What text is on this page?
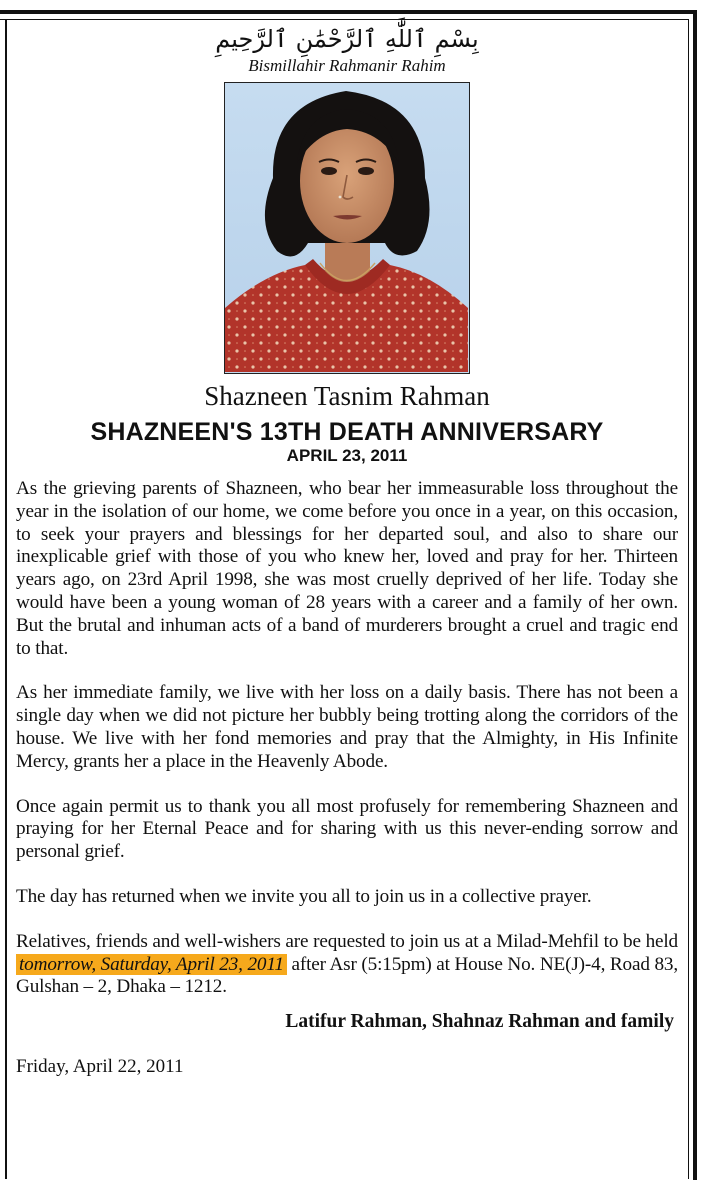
بِسْمِ ٱللَّٰهِ ٱلرَّحْمَٰنِ ٱلرَّحِيمِ
Bismillahir Rahmanir Rahim
Shazneen Tasnim Rahman
SHAZNEEN'S 13TH DEATH ANNIVERSARY
APRIL 23, 2011

As the grieving parents of Shazneen, who bear her immeasurable loss throughout the year in the isolation of our home, we come before you once in a year, on this occasion, to seek your prayers and blessings for her departed soul, and also to share our inexplicable grief with those of you who knew her, loved and pray for her. Thirteen years ago, on 23rd April 1998, she was most cruelly deprived of her life. Today she would have been a young woman of 28 years with a career and a family of her own. But the brutal and inhuman acts of a band of murderers brought a cruel and tragic end to that.

As her immediate family, we live with her loss on a daily basis. There has not been a single day when we did not picture her bubbly being trotting along the corridors of the house. We live with her fond memories and pray that the Almighty, in His Infinite Mercy, grants her a place in the Heavenly Abode.

Once again permit us to thank you all most profusely for remembering Shazneen and praying for her Eternal Peace and for sharing with us this never-ending sorrow and personal grief.

The day has returned when we invite you all to join us in a collective prayer.

Relatives, friends and well-wishers are requested to join us at a Milad-Mehfil to be held tomorrow, Saturday, April 23, 2011 after Asr (5:15pm) at House No. NE(J)-4, Road 83, Gulshan – 2, Dhaka – 1212.

Latifur Rahman, Shahnaz Rahman and family
Friday, April 22, 2011
